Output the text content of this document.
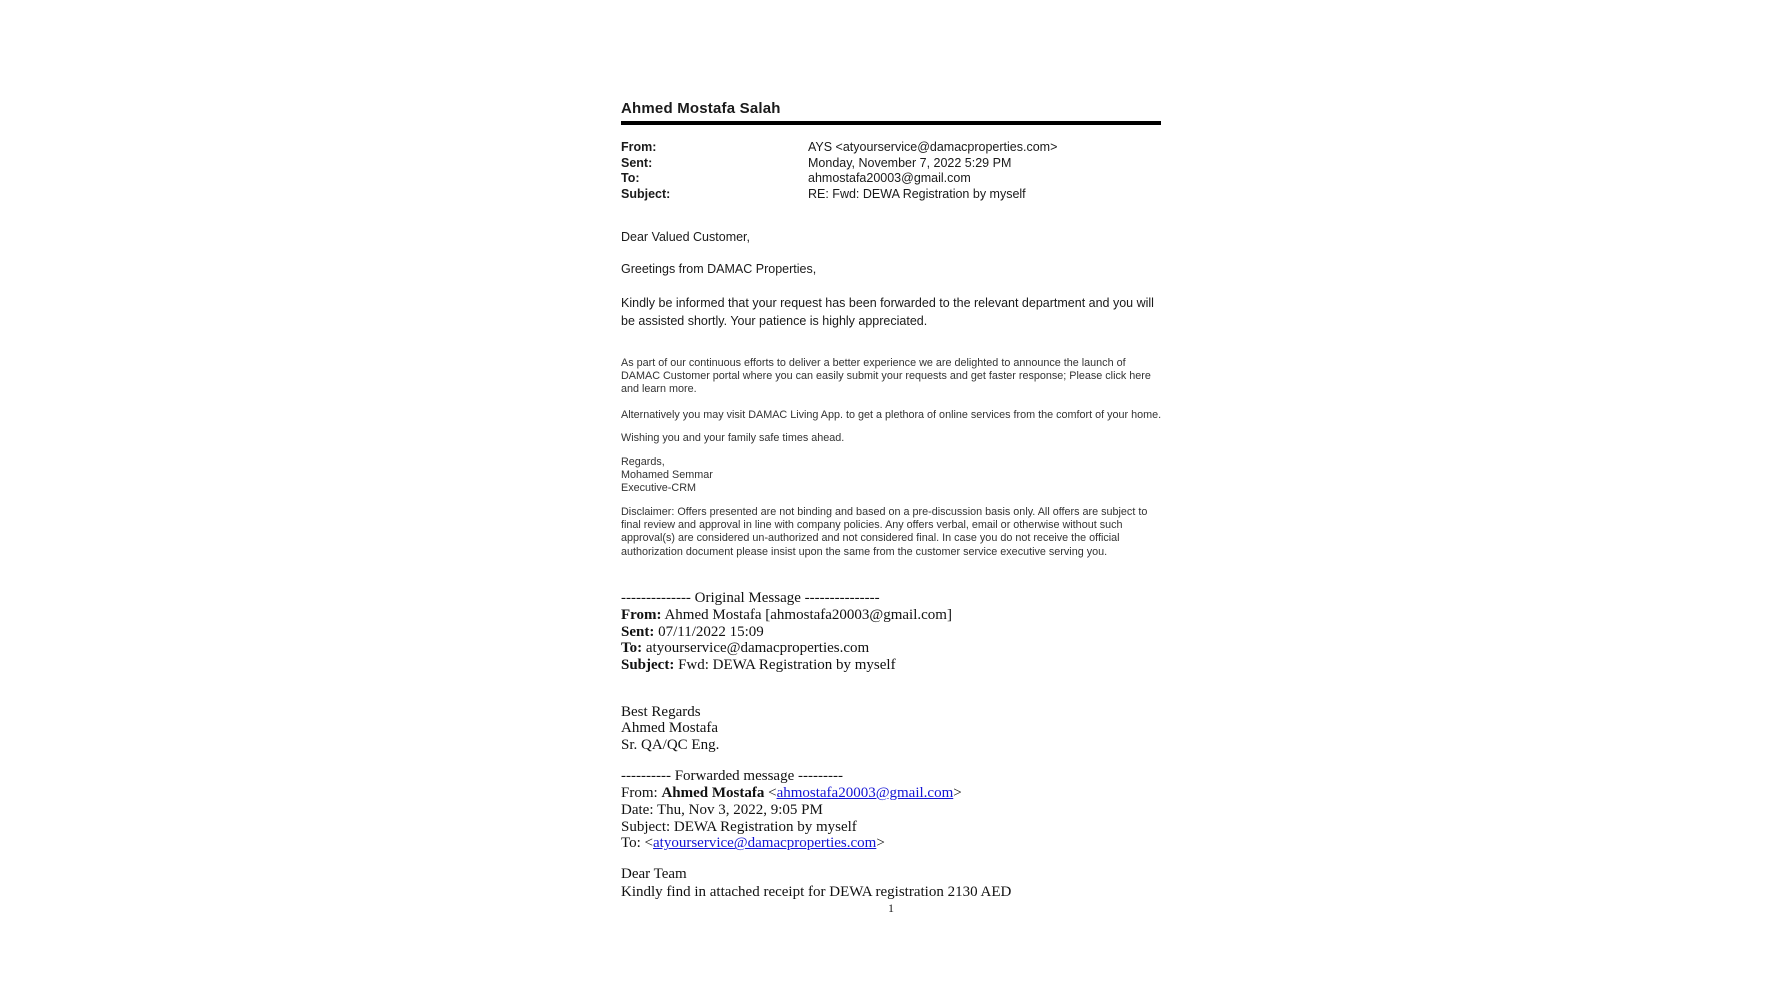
Ahmed Mostafa Salah
From:	AYS <atyourservice@damacproperties.com>
Sent:	Monday, November 7, 2022 5:29 PM
To:	ahmostafa20003@gmail.com
Subject:	RE: Fwd: DEWA Registration by myself
Dear Valued Customer,
Greetings from DAMAC Properties,
Kindly be informed that your request has been forwarded to the relevant department and you will
be assisted shortly. Your patience is highly appreciated.
As part of our continuous efforts to deliver a better experience we are delighted to announce the launch of
DAMAC Customer portal where you can easily submit your requests and get faster response; Please click here
and learn more.
Alternatively you may visit DAMAC Living App. to get a plethora of online services from the comfort of your home.
Wishing you and your family safe times ahead.
Regards,
Mohamed Semmar
Executive-CRM
Disclaimer: Offers presented are not binding and based on a pre-discussion basis only. All offers are subject to
final review and approval in line with company policies. Any offers verbal, email or otherwise without such
approval(s) are considered un-authorized and not considered final. In case you do not receive the official
authorization document please insist upon the same from the customer service executive serving you.
-------------- Original Message ---------------
From: Ahmed Mostafa [ahmostafa20003@gmail.com]
Sent: 07/11/2022 15:09
To: atyourservice@damacproperties.com
Subject: Fwd: DEWA Registration by myself
Best Regards
Ahmed Mostafa
Sr. QA/QC Eng.
---------- Forwarded message ---------
From: Ahmed Mostafa <ahmostafa20003@gmail.com>
Date: Thu, Nov 3, 2022, 9:05 PM
Subject: DEWA Registration by myself
To: <atyourservice@damacproperties.com>
Dear Team
Kindly find in attached receipt for DEWA registration 2130 AED
1
